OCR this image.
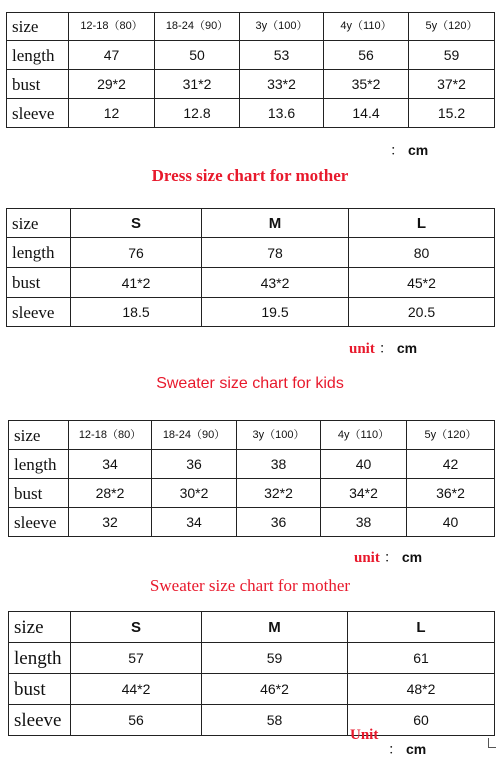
size	12-18（80）	18-24（90）	3y（100）	4y（110）	5y（120）
length	47	50	53	56	59
bust	29*2	31*2	33*2	35*2	37*2
sleeve	12	12.8	13.6	14.4	15.2
： cm
Dress size chart for mother
size	S	M	L
length	76	78	80
bust	41*2	43*2	45*2
sleeve	18.5	19.5	20.5
unit ： cm
Sweater size chart for kids
size	12-18（80）	18-24（90）	3y（100）	4y（110）	5y（120）
length	34	36	38	40	42
bust	28*2	30*2	32*2	34*2	36*2
sleeve	32	34	36	38	40
unit ： cm
Sweater size chart for mother
size	S	M	L
length	57	59	61
bust	44*2	46*2	48*2
sleeve	56	58	60
Unit
： cm
